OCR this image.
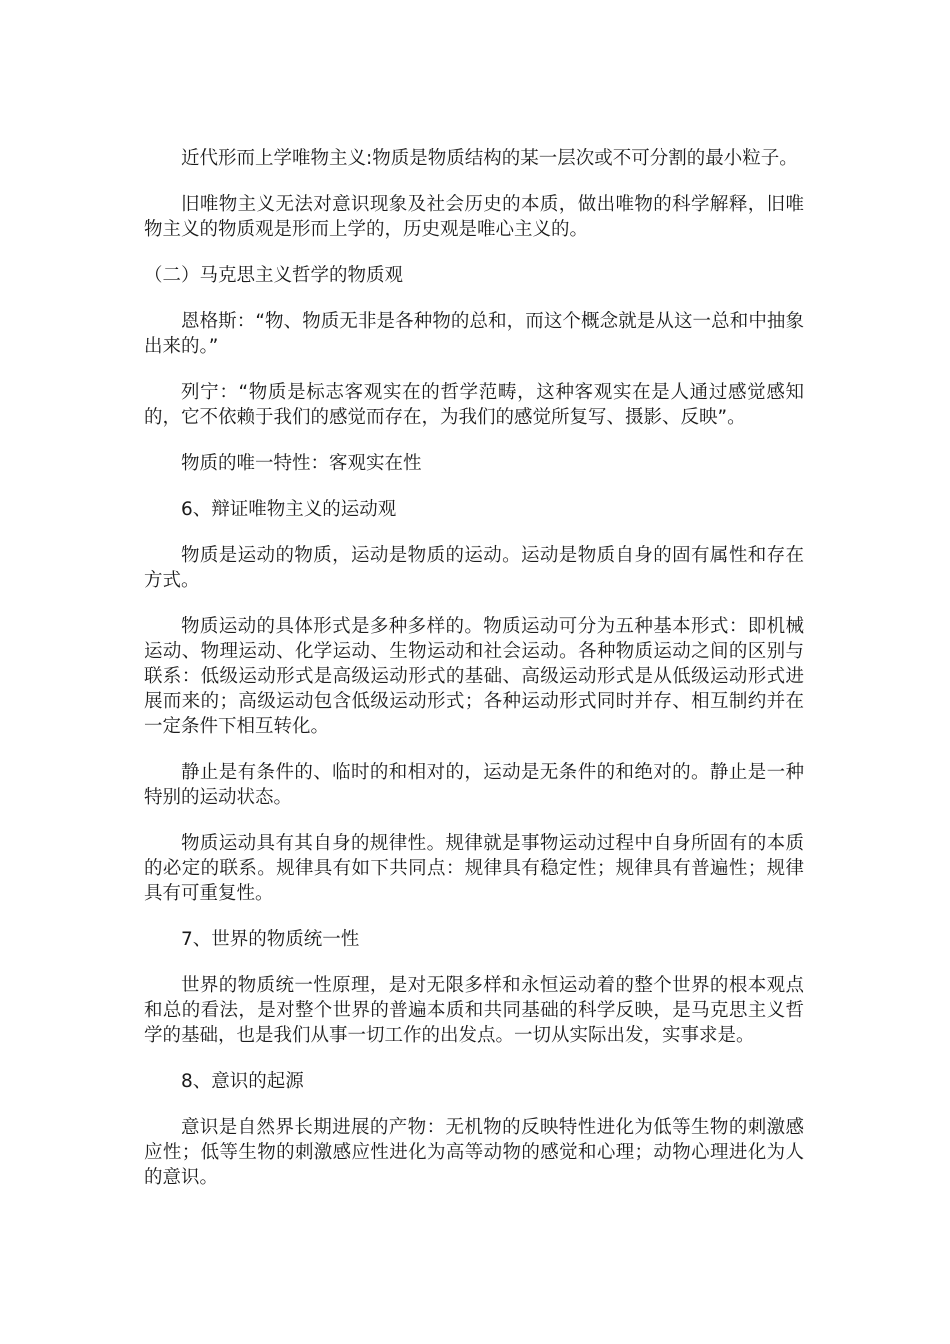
近代形而上学唯物主义:物质是物质结构的某一层次或不可分割的最小粒子。

旧唯物主义无法对意识现象及社会历史的本质，做出唯物的科学解释，旧唯物主义的物质观是形而上学的，历史观是唯心主义的。

（二）马克思主义哲学的物质观

恩格斯：“物、物质无非是各种物的总和，而这个概念就是从这一总和中抽象出来的。”

列宁：“物质是标志客观实在的哲学范畴，这种客观实在是人通过感觉感知的，它不依赖于我们的感觉而存在，为我们的感觉所复写、摄影、反映”。

物质的唯一特性：客观实在性

6、辩证唯物主义的运动观

物质是运动的物质，运动是物质的运动。运动是物质自身的固有属性和存在方式。

物质运动的具体形式是多种多样的。物质运动可分为五种基本形式：即机械运动、物理运动、化学运动、生物运动和社会运动。各种物质运动之间的区别与联系：低级运动形式是高级运动形式的基础、高级运动形式是从低级运动形式进展而来的；高级运动包含低级运动形式；各种运动形式同时并存、相互制约并在一定条件下相互转化。

静止是有条件的、临时的和相对的，运动是无条件的和绝对的。静止是一种特别的运动状态。

物质运动具有其自身的规律性。规律就是事物运动过程中自身所固有的本质的必定的联系。规律具有如下共同点：规律具有稳定性；规律具有普遍性；规律具有可重复性。

7、世界的物质统一性

世界的物质统一性原理，是对无限多样和永恒运动着的整个世界的根本观点和总的看法，是对整个世界的普遍本质和共同基础的科学反映，是马克思主义哲学的基础，也是我们从事一切工作的出发点。一切从实际出发，实事求是。

8、意识的起源

意识是自然界长期进展的产物：无机物的反映特性进化为低等生物的刺激感应性；低等生物的刺激感应性进化为高等动物的感觉和心理；动物心理进化为人的意识。
